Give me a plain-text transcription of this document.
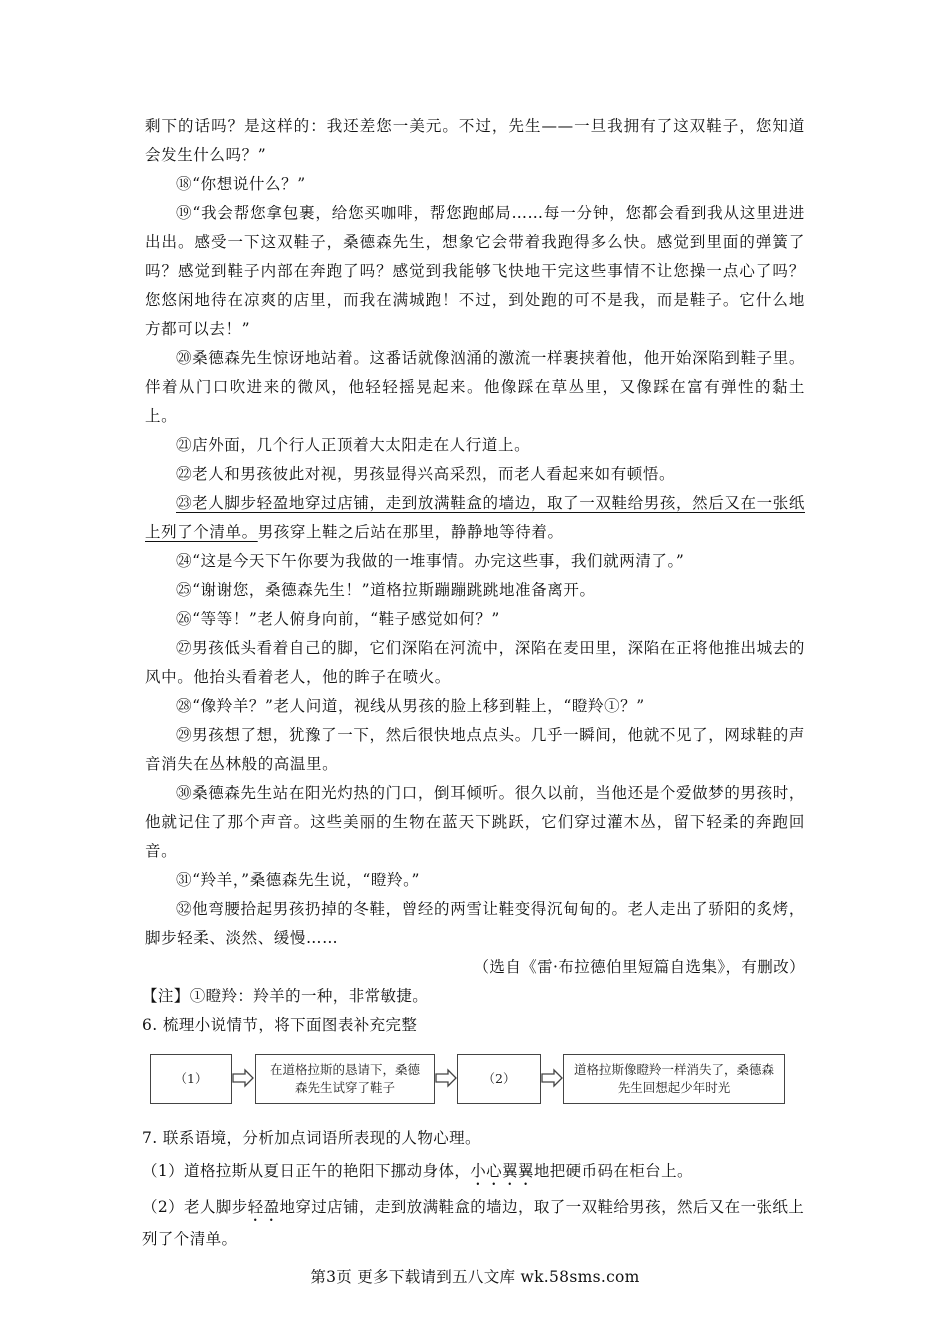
剩下的话吗？是这样的：我还差您一美元。不过，先生——一旦我拥有了这双鞋子，您知道会发生什么吗？”

⑱“你想说什么？”

⑲“我会帮您拿包裹，给您买咖啡，帮您跑邮局……每一分钟，您都会看到我从这里进进出出。感受一下这双鞋子，桑德森先生，想象它会带着我跑得多么快。感觉到里面的弹簧了吗？感觉到鞋子内部在奔跑了吗？感觉到我能够飞快地干完这些事情不让您操一点心了吗？您悠闲地待在凉爽的店里，而我在满城跑！不过，到处跑的可不是我，而是鞋子。它什么地方都可以去！”

⑳桑德森先生惊讶地站着。这番话就像汹涌的激流一样裹挟着他，他开始深陷到鞋子里。伴着从门口吹进来的微风，他轻轻摇晃起来。他像踩在草丛里，又像踩在富有弹性的黏土上。

㉑店外面，几个行人正顶着大太阳走在人行道上。

㉒老人和男孩彼此对视，男孩显得兴高采烈，而老人看起来如有顿悟。

㉓老人脚步轻盈地穿过店铺，走到放满鞋盒的墙边，取了一双鞋给男孩，然后又在一张纸上列了个清单。男孩穿上鞋之后站在那里，静静地等待着。

㉔“这是今天下午你要为我做的一堆事情。办完这些事，我们就两清了。”

㉕“谢谢您，桑德森先生！”道格拉斯蹦蹦跳跳地准备离开。

㉖“等等！”老人俯身向前，“鞋子感觉如何？”

㉗男孩低头看着自己的脚，它们深陷在河流中，深陷在麦田里，深陷在正将他推出城去的风中。他抬头看着老人，他的眸子在喷火。

㉘“像羚羊？”老人问道，视线从男孩的脸上移到鞋上，“瞪羚①？”

㉙男孩想了想，犹豫了一下，然后很快地点点头。几乎一瞬间，他就不见了，网球鞋的声音消失在丛林般的高温里。

㉚桑德森先生站在阳光灼热的门口，倒耳倾听。很久以前，当他还是个爱做梦的男孩时，他就记住了那个声音。这些美丽的生物在蓝天下跳跃，它们穿过灌木丛，留下轻柔的奔跑回音。

㉛“羚羊，”桑德森先生说，“瞪羚。”

㉜他弯腰拾起男孩扔掉的冬鞋，曾经的两雪让鞋变得沉甸甸的。老人走出了骄阳的炙烤，脚步轻柔、淡然、缓慢……

（选自《雷·布拉德伯里短篇自选集》，有删改）

【注】①瞪羚：羚羊的一种，非常敏捷。

6. 梳理小说情节，将下面图表补充完整

（1）
在道格拉斯的恳请下，桑德森先生试穿了鞋子
（2）
道格拉斯像瞪羚一样消失了，桑德森先生回想起少年时光

7. 联系语境，分析加点词语所表现的人物心理。

（1）道格拉斯从夏日正午的艳阳下挪动身体，小心翼翼地把硬币码在柜台上。

（2）老人脚步轻盈地穿过店铺，走到放满鞋盒的墙边，取了一双鞋给男孩，然后又在一张纸上列了个清单。

第3页 更多下载请到五八文库 wk.58sms.com
